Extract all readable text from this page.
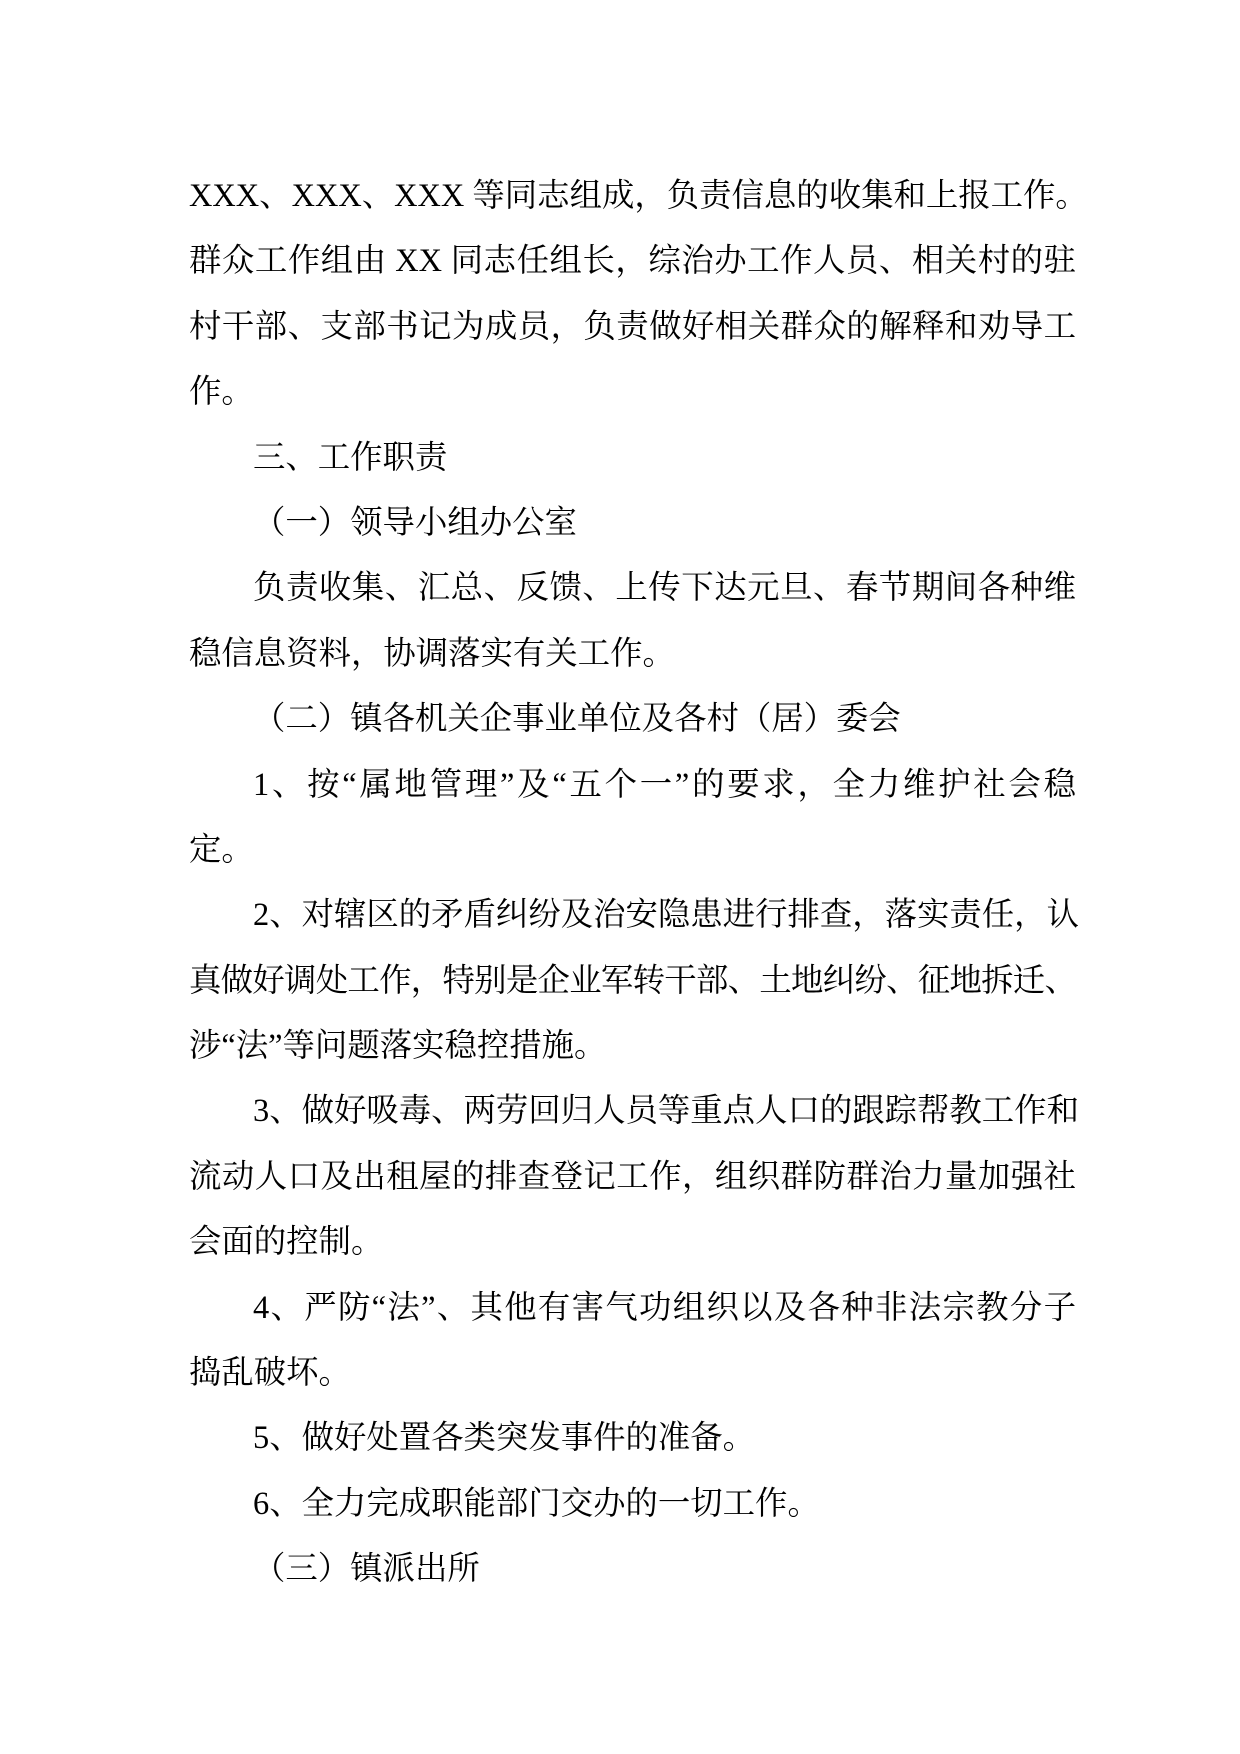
XXX、XXX、XXX 等同志组成，负责信息的收集和上报工作。
群众工作组由 XX 同志任组长，综治办工作人员、相关村的驻
村干部、支部书记为成员，负责做好相关群众的解释和劝导工
作。
三、工作职责
（一）领导小组办公室
负责收集、汇总、反馈、上传下达元旦、春节期间各种维
稳信息资料，协调落实有关工作。
（二）镇各机关企事业单位及各村（居）委会
1、按“属地管理”及“五个一”的要求，全力维护社会稳
定。
2、对辖区的矛盾纠纷及治安隐患进行排查，落实责任，认
真做好调处工作，特别是企业军转干部、土地纠纷、征地拆迁、
涉“法”等问题落实稳控措施。
3、做好吸毒、两劳回归人员等重点人口的跟踪帮教工作和
流动人口及出租屋的排查登记工作，组织群防群治力量加强社
会面的控制。
4、严防“法”、其他有害气功组织以及各种非法宗教分子
捣乱破坏。
5、做好处置各类突发事件的准备。
6、全力完成职能部门交办的一切工作。
（三）镇派出所
